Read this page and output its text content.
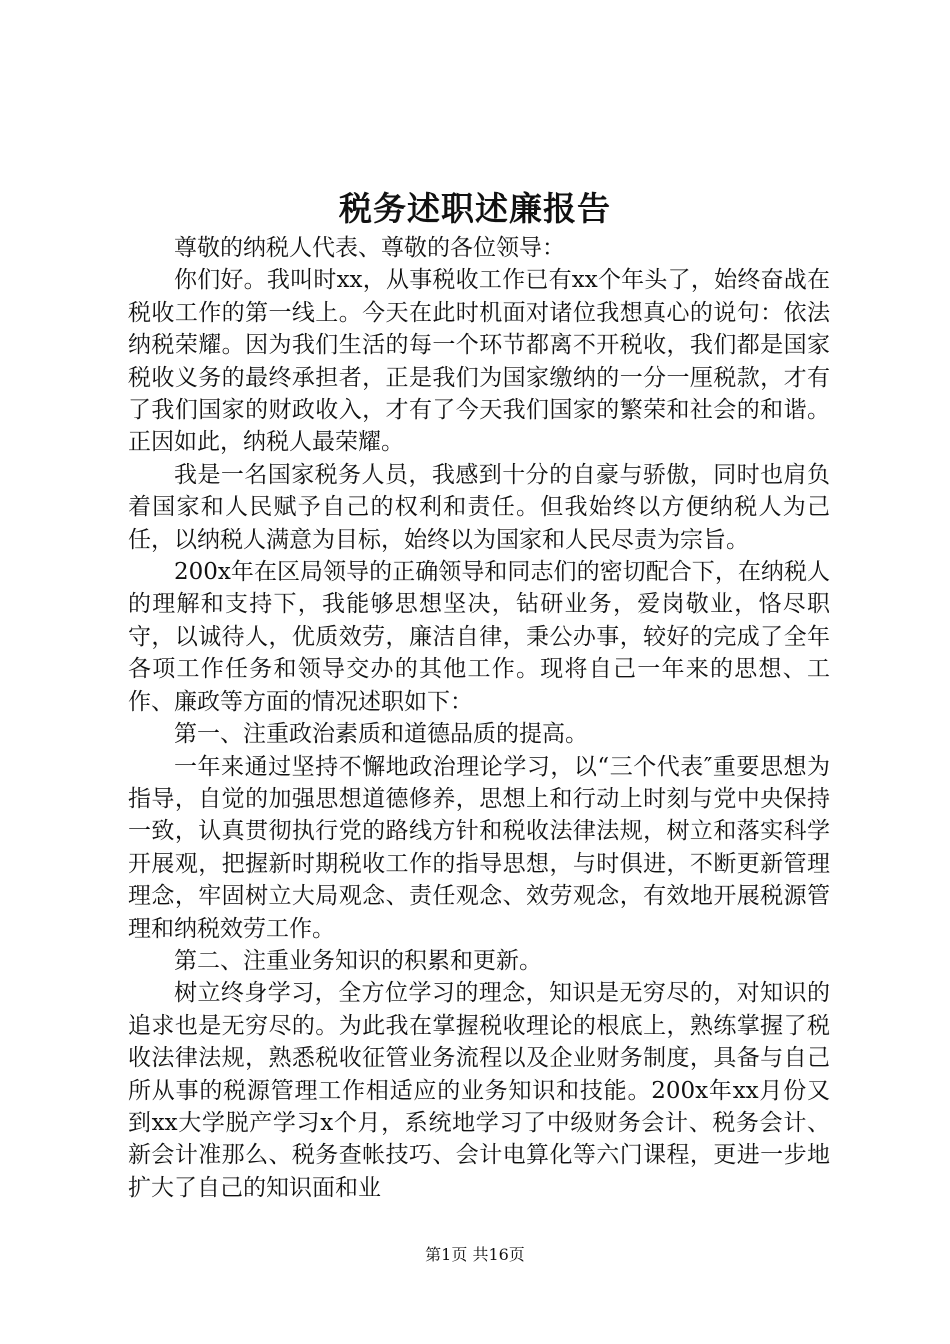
税务述职述廉报告

尊敬的纳税人代表、尊敬的各位领导：

你们好。我叫时xx，从事税收工作已有xx个年头了，始终奋战在税收工作的第一线上。今天在此时机面对诸位我想真心的说句：依法纳税荣耀。因为我们生活的每一个环节都离不开税收，我们都是国家税收义务的最终承担者，正是我们为国家缴纳的一分一厘税款，才有了我们国家的财政收入，才有了今天我们国家的繁荣和社会的和谐。正因如此，纳税人最荣耀。

我是一名国家税务人员，我感到十分的自豪与骄傲，同时也肩负着国家和人民赋予自己的权利和责任。但我始终以方便纳税人为己任，以纳税人满意为目标，始终以为国家和人民尽责为宗旨。

200x年在区局领导的正确领导和同志们的密切配合下，在纳税人的理解和支持下，我能够思想坚决，钻研业务，爱岗敬业，恪尽职守，以诚待人，优质效劳，廉洁自律，秉公办事，较好的完成了全年各项工作任务和领导交办的其他工作。现将自己一年来的思想、工作、廉政等方面的情况述职如下：

第一、注重政治素质和道德品质的提高。

一年来通过坚持不懈地政治理论学习，以“三个代表″重要思想为指导，自觉的加强思想道德修养，思想上和行动上时刻与党中央保持一致，认真贯彻执行党的路线方针和税收法律法规，树立和落实科学开展观，把握新时期税收工作的指导思想，与时俱进，不断更新管理理念，牢固树立大局观念、责任观念、效劳观念，有效地开展税源管理和纳税效劳工作。

第二、注重业务知识的积累和更新。

树立终身学习，全方位学习的理念，知识是无穷尽的，对知识的追求也是无穷尽的。为此我在掌握税收理论的根底上，熟练掌握了税收法律法规，熟悉税收征管业务流程以及企业财务制度，具备与自己所从事的税源管理工作相适应的业务知识和技能。200x年xx月份又到xx大学脱产学习x个月，系统地学习了中级财务会计、税务会计、新会计准那么、税务查帐技巧、会计电算化等六门课程，更进一步地扩大了自己的知识面和业

第1页 共16页
